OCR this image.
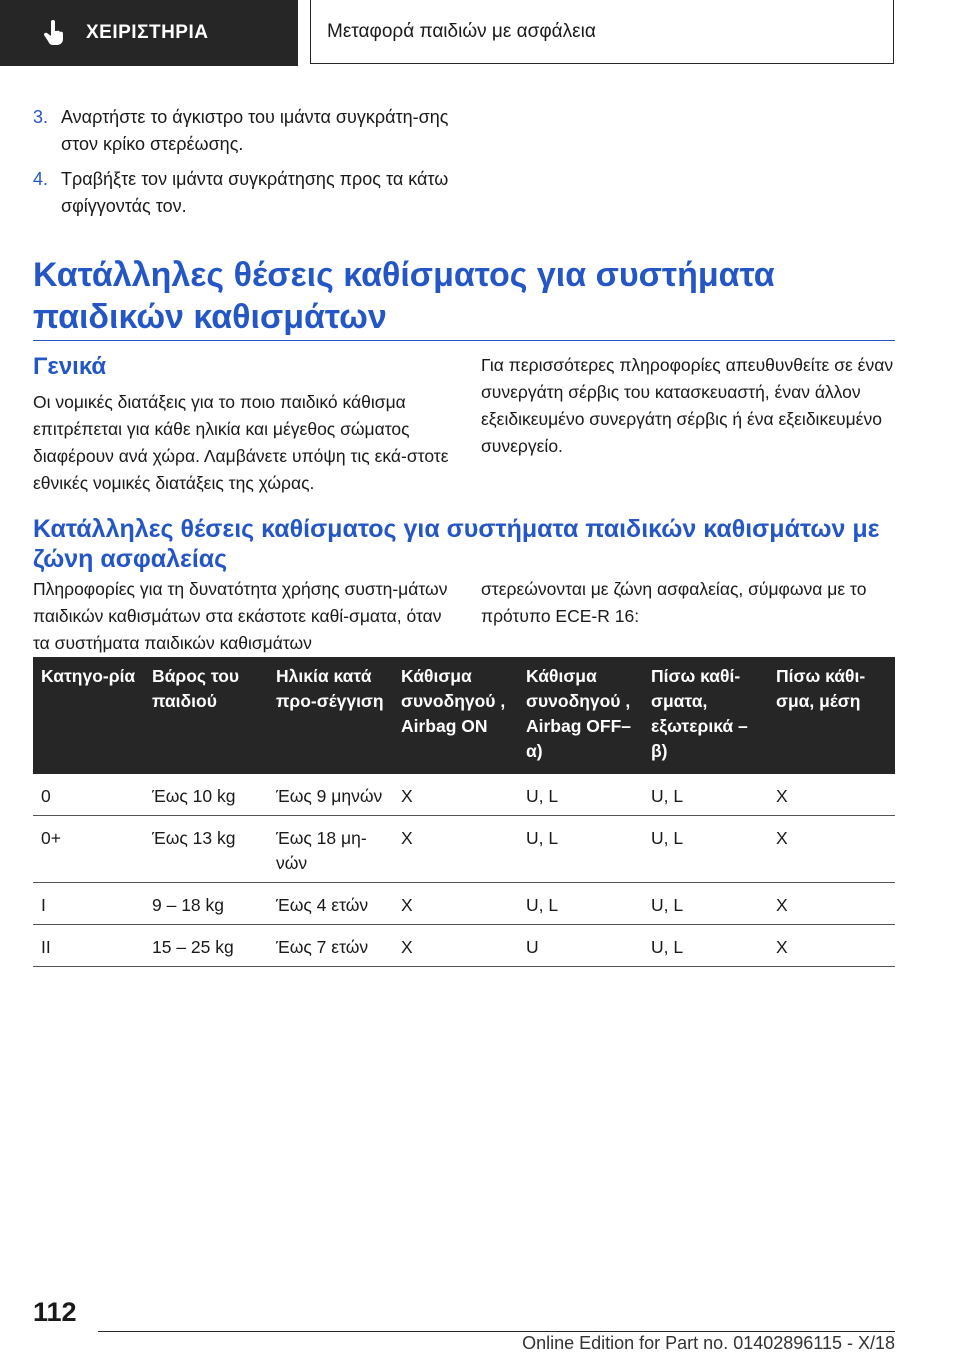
ΧΕΙΡΙΣΤΗΡΙΑ	Μεταφορά παιδιών με ασφάλεια
3. Αναρτήστε το άγκιστρο του ιμάντα συγκράτη-σης στον κρίκο στερέωσης.
4. Τραβήξτε τον ιμάντα συγκράτησης προς τα κάτω σφίγγοντάς τον.
Κατάλληλες θέσεις καθίσματος για συστήματα παιδικών καθισμάτων
Γενικά
Οι νομικές διατάξεις για το ποιο παιδικό κάθισμα επιτρέπεται για κάθε ηλικία και μέγεθος σώματος διαφέρουν ανά χώρα. Λαμβάνετε υπόψη τις εκά-στοτε εθνικές νομικές διατάξεις της χώρας.
Για περισσότερες πληροφορίες απευθυνθείτε σε έναν συνεργάτη σέρβις του κατασκευαστή, έναν άλλον εξειδικευμένο συνεργάτη σέρβις ή ένα εξειδικευμένο συνεργείο.
Κατάλληλες θέσεις καθίσματος για συστήματα παιδικών καθισμάτων με ζώνη ασφαλείας
Πληροφορίες για τη δυνατότητα χρήσης συστη-μάτων παιδικών καθισμάτων στα εκάστοτε καθί-σματα, όταν τα συστήματα παιδικών καθισμάτων
στερεώνονται με ζώνη ασφαλείας, σύμφωνα με το πρότυπο ECE-R 16:
Κατηγο-ρία	Βάρος του παιδιού	Ηλικία κατά προ-σέγγιση	Κάθισμα συνοδηγού , Airbag ON	Κάθισμα συνοδηγού , Airbag OFF– α)	Πίσω καθί-σματα, εξωτερικά – β)	Πίσω κάθι-σμα, μέση
0	Έως 10 kg	Έως 9 μηνών	X	U, L	U, L	X
0+	Έως 13 kg	Έως 18 μη-νών	X	U, L	U, L	X
I	9 – 18 kg	Έως 4 ετών	X	U, L	U, L	X
II	15 – 25 kg	Έως 7 ετών	X	U	U, L	X
112
Online Edition for Part no. 01402896115 - X/18
